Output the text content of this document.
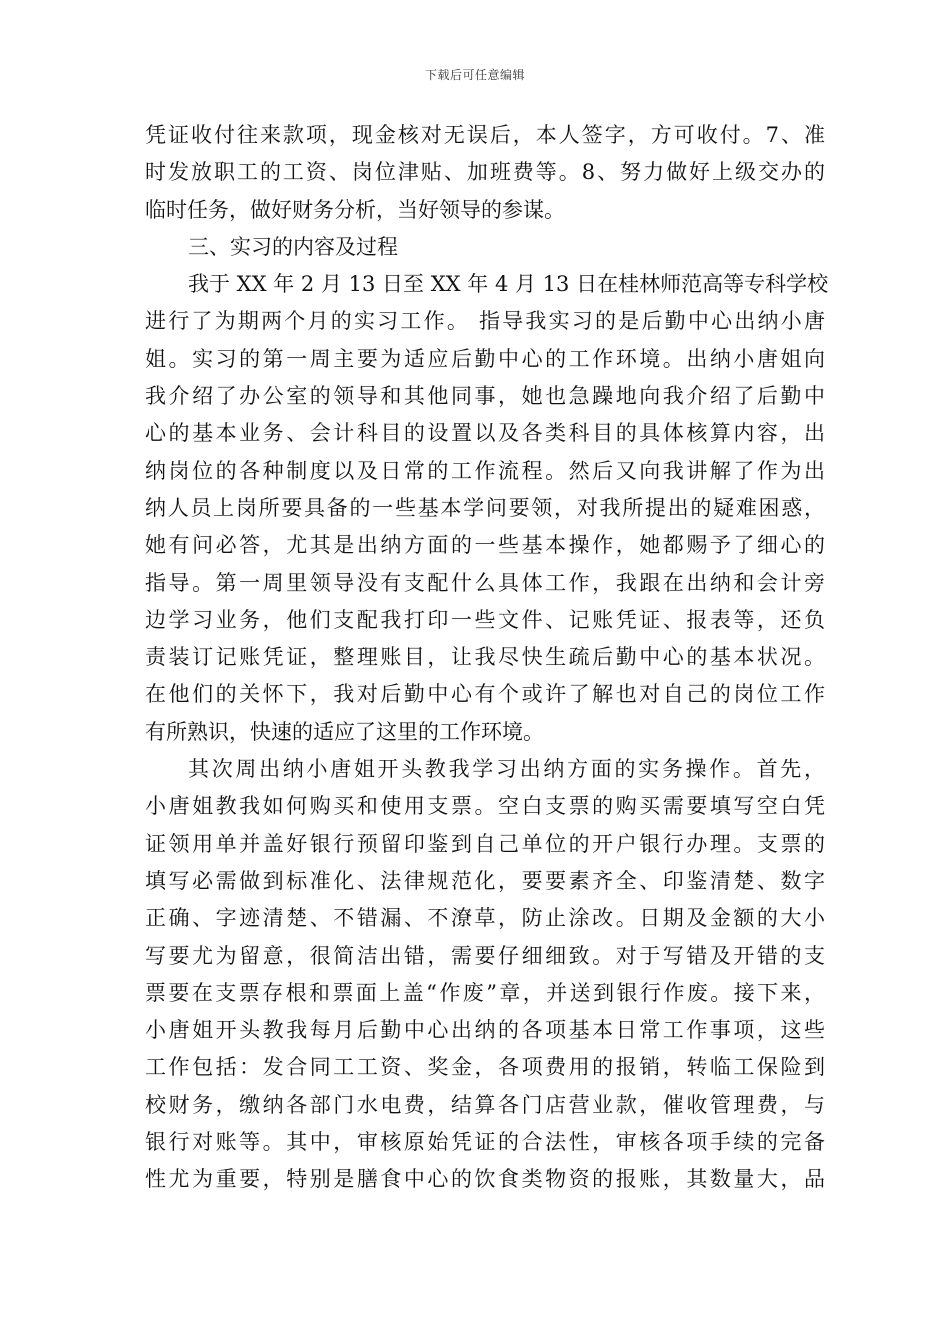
下载后可任意编辑
凭证收付往来款项，现金核对无误后，本人签字，方可收付。7、准
时发放职工的工资、岗位津贴、加班费等。8、努力做好上级交办的
临时任务，做好财务分析，当好领导的参谋。
三、实习的内容及过程
我于 XX 年 2 月 13 日至 XX 年 4 月 13 日在桂林师范高等专科学校
进行了为期两个月的实习工作。 指导我实习的是后勤中心出纳小唐
姐。实习的第一周主要为适应后勤中心的工作环境。出纳小唐姐向
我介绍了办公室的领导和其他同事，她也急躁地向我介绍了后勤中
心的基本业务、会计科目的设置以及各类科目的具体核算内容，出
纳岗位的各种制度以及日常的工作流程。然后又向我讲解了作为出
纳人员上岗所要具备的一些基本学问要领，对我所提出的疑难困惑，
她有问必答，尤其是出纳方面的一些基本操作，她都赐予了细心的
指导。第一周里领导没有支配什么具体工作，我跟在出纳和会计旁
边学习业务，他们支配我打印一些文件、记账凭证、报表等，还负
责装订记账凭证，整理账目，让我尽快生疏后勤中心的基本状况。
在他们的关怀下，我对后勤中心有个或许了解也对自己的岗位工作
有所熟识，快速的适应了这里的工作环境。
其次周出纳小唐姐开头教我学习出纳方面的实务操作。首先，
小唐姐教我如何购买和使用支票。空白支票的购买需要填写空白凭
证领用单并盖好银行预留印鉴到自己单位的开户银行办理。支票的
填写必需做到标准化、法律规范化，要要素齐全、印鉴清楚、数字
正确、字迹清楚、不错漏、不潦草，防止涂改。日期及金额的大小
写要尤为留意，很简洁出错，需要仔细细致。对于写错及开错的支
票要在支票存根和票面上盖“作废”章，并送到银行作废。接下来，
小唐姐开头教我每月后勤中心出纳的各项基本日常工作事项，这些
工作包括：发合同工工资、奖金，各项费用的报销，转临工保险到
校财务，缴纳各部门水电费，结算各门店营业款，催收管理费，与
银行对账等。其中，审核原始凭证的合法性，审核各项手续的完备
性尤为重要，特别是膳食中心的饮食类物资的报账，其数量大，品
